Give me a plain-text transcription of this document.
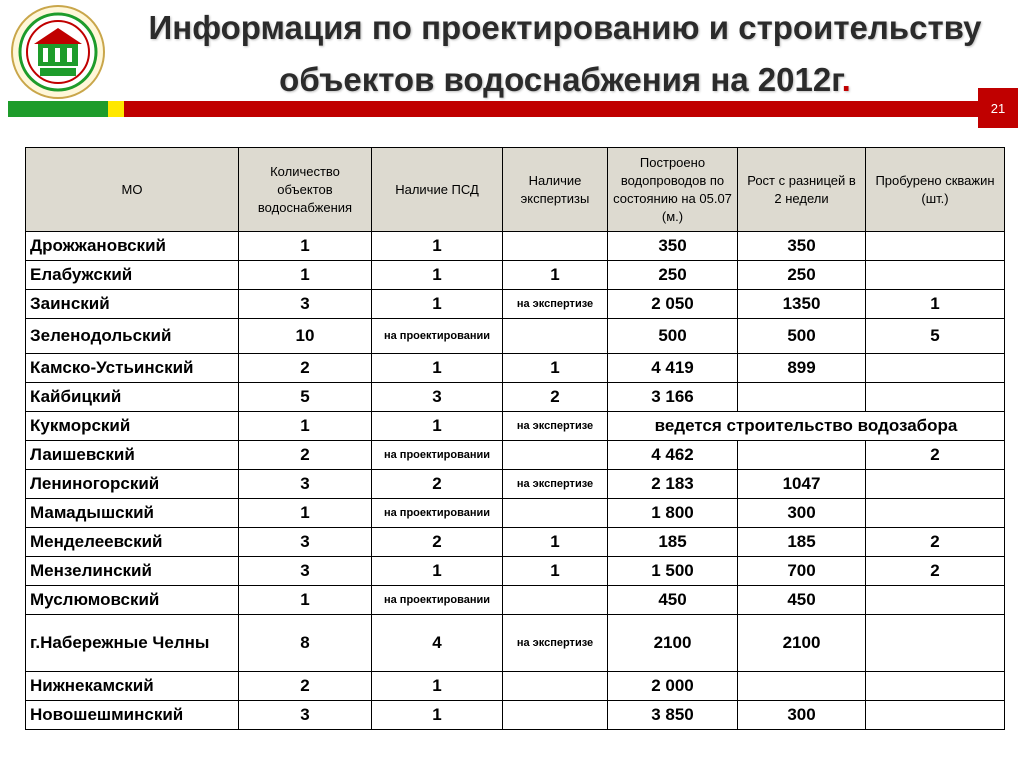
Информация по проектированию и строительству объектов водоснабжения на 2012г.
21
МО	Количество объектов водоснабжения	Наличие ПСД	Наличие экспертизы	Построено водопроводов по состоянию на 05.07 (м.)	Рост с разницей в 2 недели	Пробурено скважин (шт.)
Дрожжановский	1	1		350	350	
Елабужский	1	1	1	250	250	
Заинский	3	1	на экспертизе	2 050	1350	1
Зеленодольский	10	на проектировании		500	500	5
Камско-Устьинский	2	1	1	4 419	899	
Кайбицкий	5	3	2	3 166		
Кукморский	1	1	на экспертизе	ведется строительство водозабора		
Лаишевский	2	на проектировании		4 462		2
Лениногорский	3	2	на экспертизе	2 183	1047	
Мамадышский	1	на проектировании		1 800	300	
Менделеевский	3	2	1	185	185	2
Мензелинский	3	1	1	1 500	700	2
Муслюмовский	1	на проектировании		450	450	
г.Набережные Челны	8	4	на экспертизе	2100	2100	
Нижнекамский	2	1		2 000		
Новошешминский	3	1		3 850	300	
